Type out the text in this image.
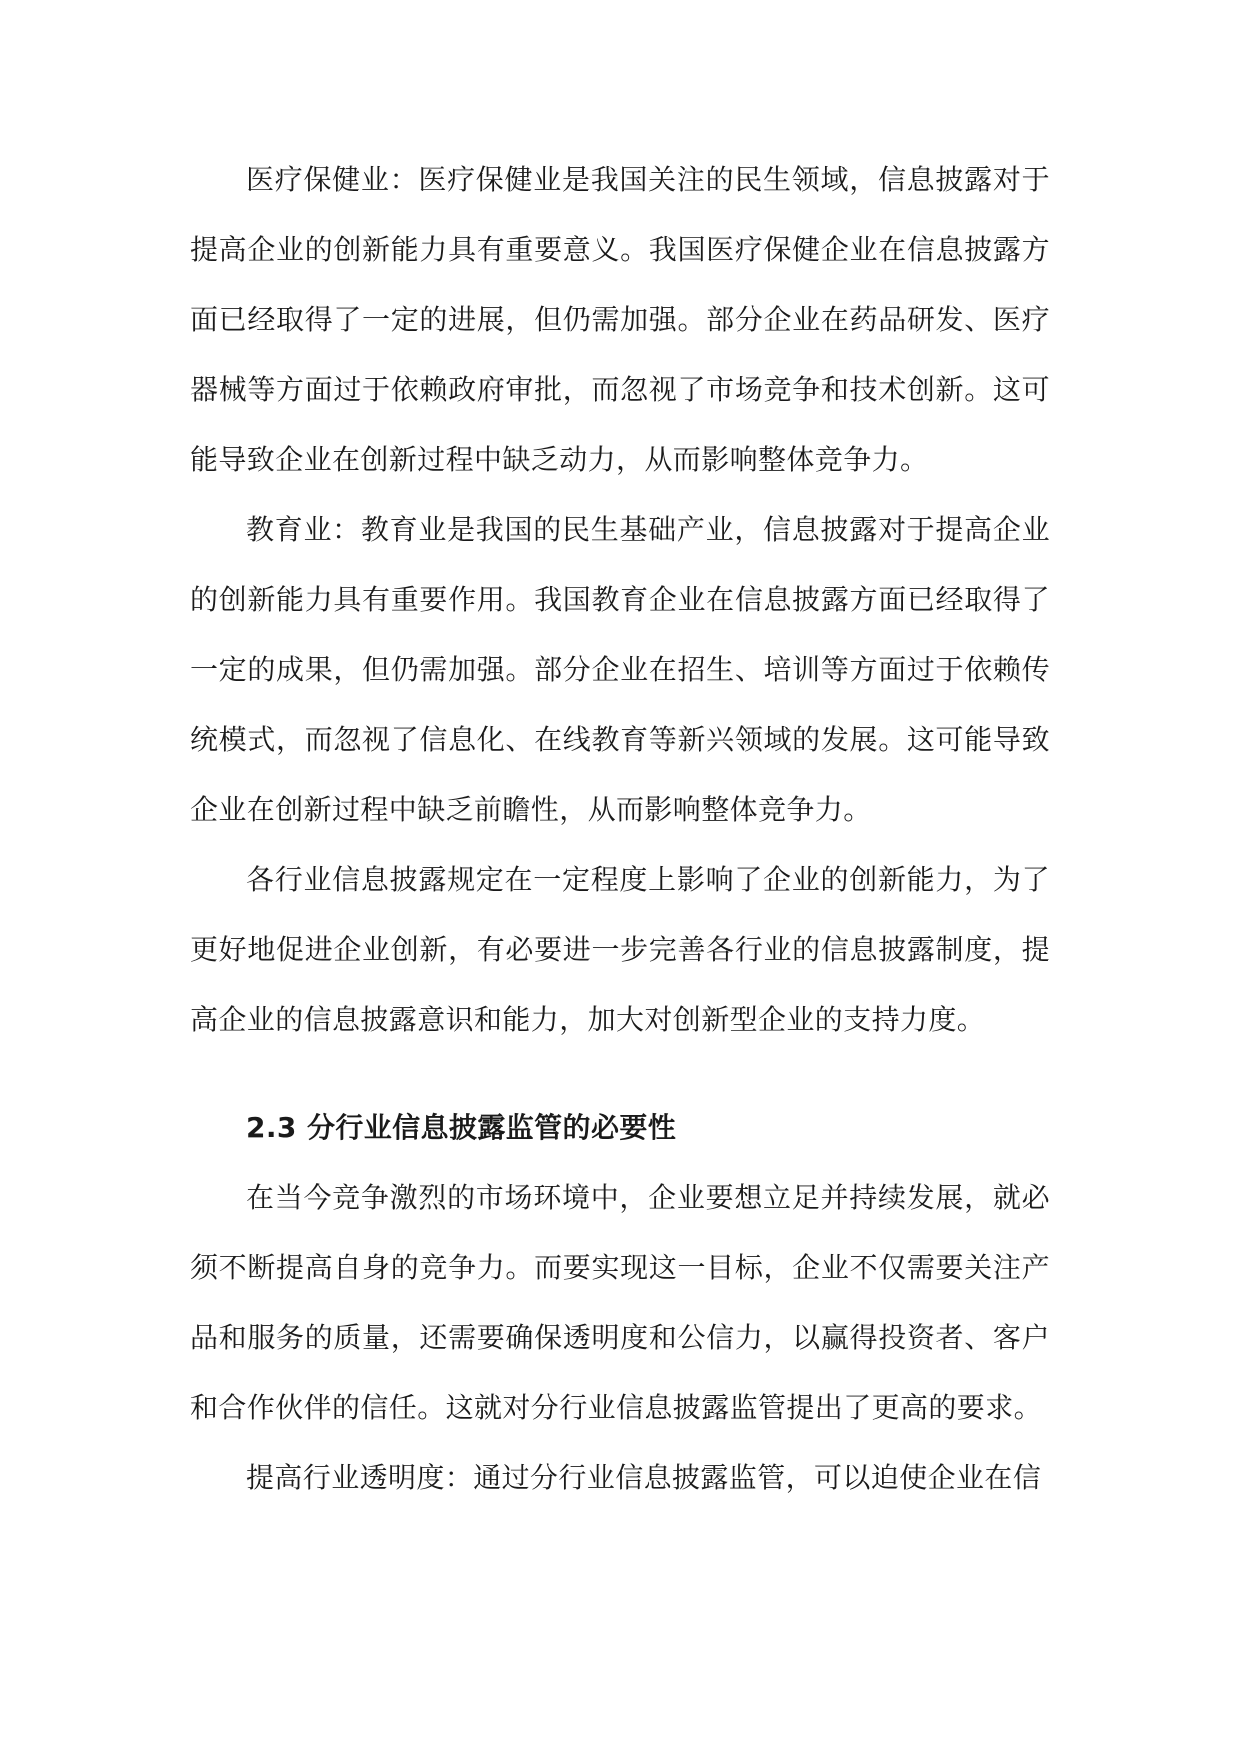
医疗保健业：医疗保健业是我国关注的民生领域，信息披露对于提高企业的创新能力具有重要意义。我国医疗保健企业在信息披露方面已经取得了一定的进展，但仍需加强。部分企业在药品研发、医疗器械等方面过于依赖政府审批，而忽视了市场竞争和技术创新。这可能导致企业在创新过程中缺乏动力，从而影响整体竞争力。

教育业：教育业是我国的民生基础产业，信息披露对于提高企业的创新能力具有重要作用。我国教育企业在信息披露方面已经取得了一定的成果，但仍需加强。部分企业在招生、培训等方面过于依赖传统模式，而忽视了信息化、在线教育等新兴领域的发展。这可能导致企业在创新过程中缺乏前瞻性，从而影响整体竞争力。

各行业信息披露规定在一定程度上影响了企业的创新能力，为了更好地促进企业创新，有必要进一步完善各行业的信息披露制度，提高企业的信息披露意识和能力，加大对创新型企业的支持力度。

2.3 分行业信息披露监管的必要性

在当今竞争激烈的市场环境中，企业要想立足并持续发展，就必须不断提高自身的竞争力。而要实现这一目标，企业不仅需要关注产品和服务的质量，还需要确保透明度和公信力，以赢得投资者、客户和合作伙伴的信任。这就对分行业信息披露监管提出了更高的要求。

提高行业透明度：通过分行业信息披露监管，可以迫使企业在信
